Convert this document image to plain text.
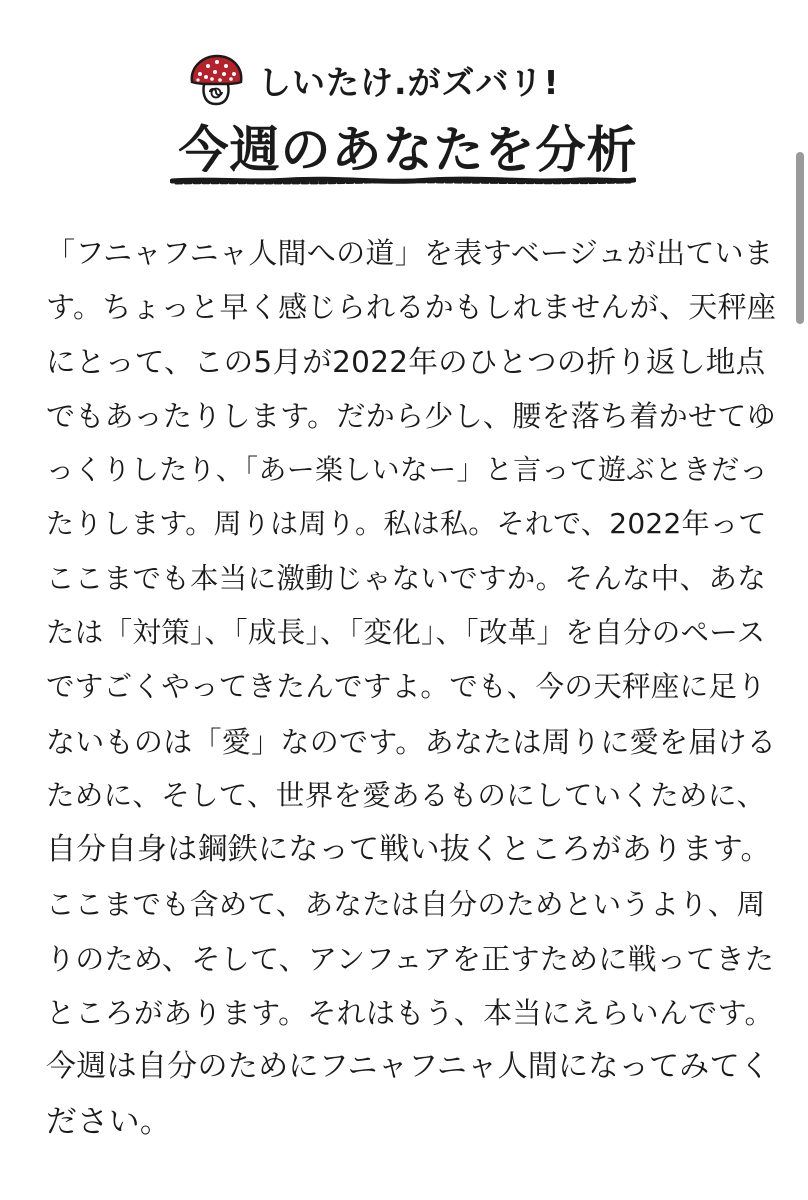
しいたけ.がズバリ!
今週のあなたを分析
「フニャフニャ人間への道」を表すベージュが出ていま
す。ちょっと早く感じられるかもしれませんが、天秤座
にとって、この5月が2022年のひとつの折り返し地点
でもあったりします。だから少し、腰を落ち着かせてゆ
っくりしたり、「あー楽しいなー」と言って遊ぶときだっ
たりします。周りは周り。私は私。それで、2022年って
ここまでも本当に激動じゃないですか。そんな中、あな
たは「対策」、「成長」、「変化」、「改革」を自分のペース
ですごくやってきたんですよ。でも、今の天秤座に足り
ないものは「愛」なのです。あなたは周りに愛を届ける
ために、そして、世界を愛あるものにしていくために、
自分自身は鋼鉄になって戦い抜くところがあります。
ここまでも含めて、あなたは自分のためというより、周
りのため、そして、アンフェアを正すために戦ってきた
ところがあります。それはもう、本当にえらいんです。
今週は自分のためにフニャフニャ人間になってみてく
ださい。
